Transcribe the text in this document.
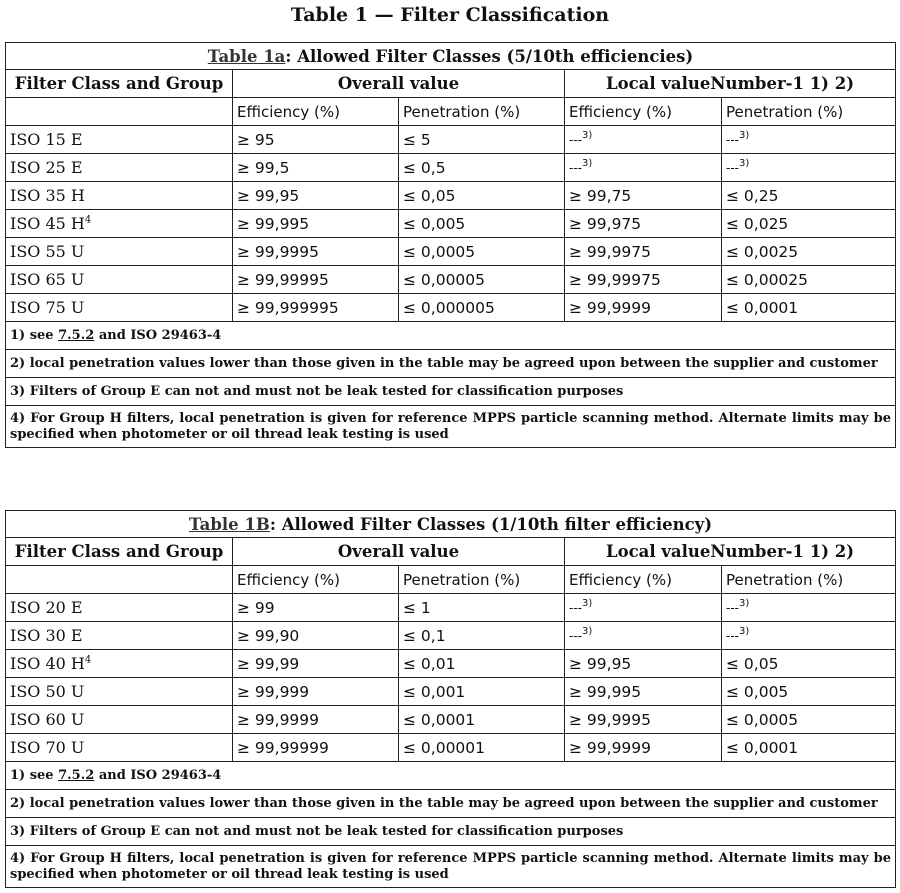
Table 1 — Filter Classification
Table 1a: Allowed Filter Classes (5/10th efficiencies)				
Filter Class and Group	Overall value		Local valueNumber-1 1) 2)	
	Efficiency (%)	Penetration (%)	Efficiency (%)	Penetration (%)
ISO 15 E	≥ 95	≤ 5	---$^{3)}$	---$^{3)}$
ISO 25 E	≥ 99,5	≤ 0,5	---$^{3)}$	---$^{3)}$
ISO 35 H	≥ 99,95	≤ 0,05	≥ 99,75	≤ 0,25
ISO 45 $H^4$	≥ 99,995	≤ 0,005	≥ 99,975	≤ 0,025
ISO 55 U	≥ 99,9995	≤ 0,0005	≥ 99,9975	≤ 0,0025
ISO 65 U	≥ 99,99995	≤ 0,00005	≥ 99,99975	≤ 0,00025
ISO 75 U	≥ 99,999995	≤ 0,000005	≥ 99,9999	≤ 0,0001
1) see 7.5.2 and ISO 29463-4				
2) local penetration values lower than those given in the table may be agreed upon between the supplier and customer				
3) Filters of Group E can not and must not be leak tested for classification purposes				
4) For Group H filters, local penetration is given for reference MPPS particle scanning method. Alternate limits may be specified when photometer or oil thread leak testing is used				
Table 1B: Allowed Filter Classes (1/10th filter efficiency)				
Filter Class and Group	Overall value		Local valueNumber-1 1) 2)	
	Efficiency (%)	Penetration (%)	Efficiency (%)	Penetration (%)
ISO 20 E	≥ 99	≤ 1	---$^{3)}$	---$^{3)}$
ISO 30 E	≥ 99,90	≤ 0,1	---$^{3)}$	---$^{3)}$
ISO 40 $H^4$	≥ 99,99	≤ 0,01	≥ 99,95	≤ 0,05
ISO 50 U	≥ 99,999	≤ 0,001	≥ 99,995	≤ 0,005
ISO 60 U	≥ 99,9999	≤ 0,0001	≥ 99,9995	≤ 0,0005
ISO 70 U	≥ 99,99999	≤ 0,00001	≥ 99,9999	≤ 0,0001
1) see 7.5.2 and ISO 29463-4				
2) local penetration values lower than those given in the table may be agreed upon between the supplier and customer				
3) Filters of Group E can not and must not be leak tested for classification purposes				
4) For Group H filters, local penetration is given for reference MPPS particle scanning method. Alternate limits may be specified when photometer or oil thread leak testing is used				
